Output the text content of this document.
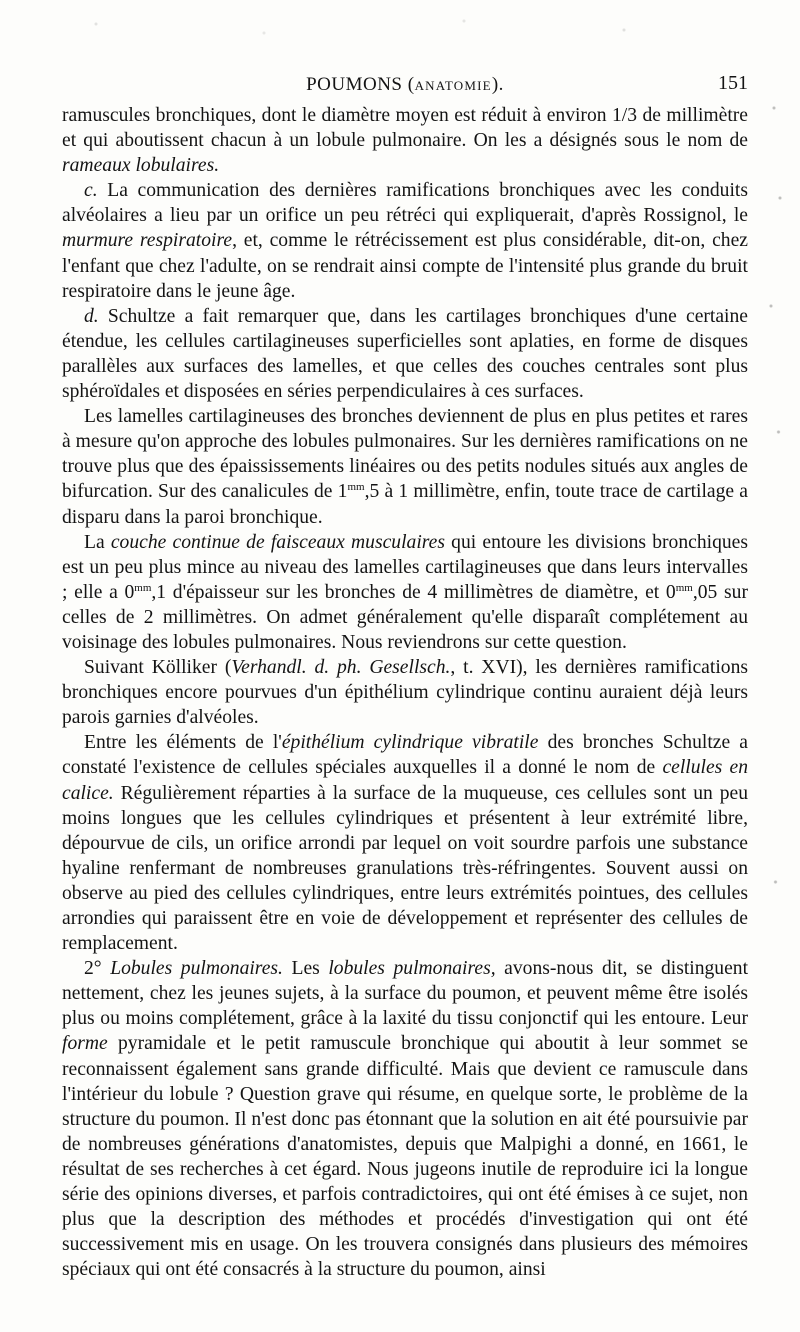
POUMONS (ANATOMIE).	151

ramuscules bronchiques, dont le diamètre moyen est réduit à environ 1/3 de millimètre et qui aboutissent chacun à un lobule pulmonaire. On les a désignés sous le nom de rameaux lobulaires.

c. La communication des dernières ramifications bronchiques avec les conduits alvéolaires a lieu par un orifice un peu rétréci qui expliquerait, d'après Rossignol, le murmure respiratoire, et, comme le rétrécissement est plus considérable, dit-on, chez l'enfant que chez l'adulte, on se rendrait ainsi compte de l'intensité plus grande du bruit respiratoire dans le jeune âge.

d. Schultze a fait remarquer que, dans les cartilages bronchiques d'une certaine étendue, les cellules cartilagineuses superficielles sont aplaties, en forme de disques parallèles aux surfaces des lamelles, et que celles des couches centrales sont plus sphéroïdales et disposées en séries perpendiculaires à ces surfaces.

Les lamelles cartilagineuses des bronches deviennent de plus en plus petites et rares à mesure qu'on approche des lobules pulmonaires. Sur les dernières ramifications on ne trouve plus que des épaississements linéaires ou des petits nodules situés aux angles de bifurcation. Sur des canalicules de $1^{mm},5$ à 1 millimètre, enfin, toute trace de cartilage a disparu dans la paroi bronchique.

La couche continue de faisceaux musculaires qui entoure les divisions bronchiques est un peu plus mince au niveau des lamelles cartilagineuses que dans leurs intervalles ; elle a $0^{mm},1$ d'épaisseur sur les bronches de 4 millimètres de diamètre, et $0^{mm},05$ sur celles de 2 millimètres. On admet généralement qu'elle disparaît complétement au voisinage des lobules pulmonaires. Nous reviendrons sur cette question.

Suivant Kölliker (Verhandl. d. ph. Gesellsch., t. XVI), les dernières ramifications bronchiques encore pourvues d'un épithélium cylindrique continu auraient déjà leurs parois garnies d'alvéoles.

Entre les éléments de l'épithélium cylindrique vibratile des bronches Schultze a constaté l'existence de cellules spéciales auxquelles il a donné le nom de cellules en calice. Régulièrement réparties à la surface de la muqueuse, ces cellules sont un peu moins longues que les cellules cylindriques et présentent à leur extrémité libre, dépourvue de cils, un orifice arrondi par lequel on voit sourdre parfois une substance hyaline renfermant de nombreuses granulations très-réfringentes. Souvent aussi on observe au pied des cellules cylindriques, entre leurs extrémités pointues, des cellules arrondies qui paraissent être en voie de développement et représenter des cellules de remplacement.

2° Lobules pulmonaires. Les lobules pulmonaires, avons-nous dit, se distinguent nettement, chez les jeunes sujets, à la surface du poumon, et peuvent même être isolés plus ou moins complétement, grâce à la laxité du tissu conjonctif qui les entoure. Leur forme pyramidale et le petit ramuscule bronchique qui aboutit à leur sommet se reconnaissent également sans grande difficulté. Mais que devient ce ramuscule dans l'intérieur du lobule ? Question grave qui résume, en quelque sorte, le problème de la structure du poumon. Il n'est donc pas étonnant que la solution en ait été poursuivie par de nombreuses générations d'anatomistes, depuis que Malpighi a donné, en 1661, le résultat de ses recherches à cet égard. Nous jugeons inutile de reproduire ici la longue série des opinions diverses, et parfois contradictoires, qui ont été émises à ce sujet, non plus que la description des méthodes et procédés d'investigation qui ont été successivement mis en usage. On les trouvera consignés dans plusieurs des mémoires spéciaux qui ont été consacrés à la structure du poumon, ainsi
